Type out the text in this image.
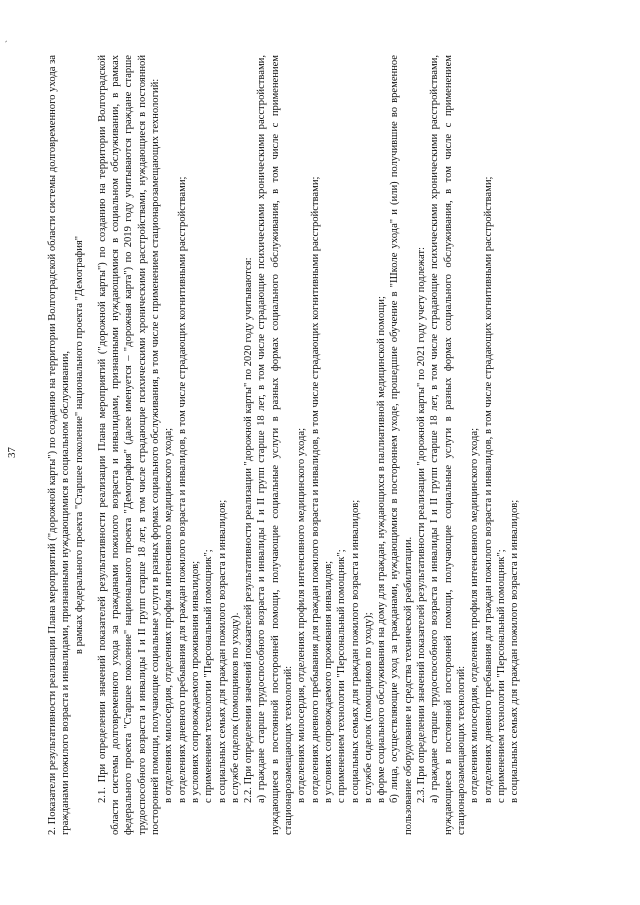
37
ˋ

2. Показатели результативности реализации Плана мероприятий ("дорожной карты") по созданию на территории Волгоградской области системы долговременного ухода за гражданами пожилого возраста и инвалидами, признанными нуждающимися в социальном обслуживании, в рамках федерального проекта "Старшее поколение" национального проекта "Демография" 2.1. При определении значений показателей результативности реализации Плана мероприятий ("дорожной карты") по созданию на территории Волгоградской области системы долговременного ухода за гражданами пожилого возраста и инвалидами, признанными нуждающимися в социальном обслуживании, в рамках федерального проекта "Старшее поколение" национального проекта "Демография" (далее именуется – "дорожная карта") по 2019 году учитываются граждане старше трудоспособного возраста и инвалиды I и II групп старше 18 лет, в том числе страдающие психическими хроническими расстройствами, нуждающиеся в постоянной посторонней помощи, получающие социальные услуги в разных формах социального обслуживания, в том числе с применением стационарозамещающих технологий: в отделениях милосердия, отделениях профиля интенсивного медицинского ухода; в отделениях дневного пребывания для граждан пожилого возраста и инвалидов, в том числе страдающих когнитивными расстройствами; в условиях сопровождаемого проживания инвалидов; с применением технологии "Персональный помощник"; в социальных семьях для граждан пожилого возраста и инвалидов; в службе сиделок (помощников по уходу). 2.2. При определении значений показателей результативности реализации "дорожной карты" по 2020 году учитываются: а) граждане старше трудоспособного возраста и инвалиды I и II групп старше 18 лет, в том числе страдающие психическими хроническими расстройствами, нуждающиеся в постоянной посторонней помощи, получающие социальные услуги в разных формах социального обслуживания, в том числе с применением стационарозамещающих технологий: в отделениях милосердия, отделениях профиля интенсивного медицинского ухода; в отделениях дневного пребывания для граждан пожилого возраста и инвалидов, в том числе страдающих когнитивными расстройствами; в условиях сопровождаемого проживания инвалидов; с применением технологии "Персональный помощник"; в социальных семьях для граждан пожилого возраста и инвалидов; в службе сиделок (помощников по уходу); в форме социального обслуживания на дому для граждан, нуждающихся в паллиативной медицинской помощи; б) лица, осуществляющие уход за гражданами, нуждающимися в постороннем уходе, прошедшие обучение в "Школе ухода" и (или) получившие во временное пользование оборудование и средства технической реабилитации. 2.3. При определении значений показателей результативности реализации "дорожной карты" по 2021 году учету подлежат: а) граждане старше трудоспособного возраста и инвалиды I и II групп старше 18 лет, в том числе страдающие психическими хроническими расстройствами, нуждающиеся в постоянной посторонней помощи, получающие социальные услуги в разных формах социального обслуживания, в том числе с применением стационарозамещающих технологий: в отделениях милосердия, отделениях профиля интенсивного медицинского ухода; в отделениях дневного пребывания для граждан пожилого возраста и инвалидов, в том числе страдающих когнитивными расстройствами; с применением технологии "Персональный помощник"; в социальных семьях для граждан пожилого возраста и инвалидов;
